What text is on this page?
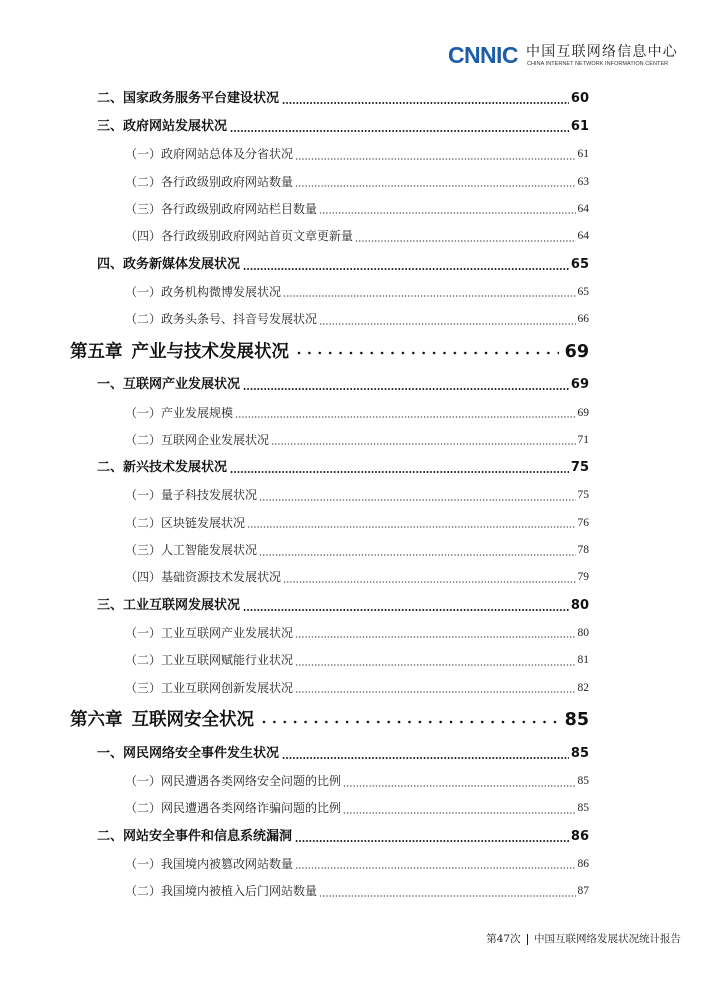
CNNIC 中国互联网络信息中心
CHINA INTERNET NETWORK INFORMATION CENTER
二、国家政务服务平台建设状况	60
三、政府网站发展状况	61
（一）政府网站总体及分省状况	61
（二）各行政级别政府网站数量	63
（三）各行政级别政府网站栏目数量	64
（四）各行政级别政府网站首页文章更新量	64
四、政务新媒体发展状况	65
（一）政务机构微博发展状况	65
（二）政务头条号、抖音号发展状况	66
第五章 产业与技术发展状况	69
一、互联网产业发展状况	69
（一）产业发展规模	69
（二）互联网企业发展状况	71
二、新兴技术发展状况	75
（一）量子科技发展状况	75
（二）区块链发展状况	76
（三）人工智能发展状况	78
（四）基础资源技术发展状况	79
三、工业互联网发展状况	80
（一）工业互联网产业发展状况	80
（二）工业互联网赋能行业状况	81
（三）工业互联网创新发展状况	82
第六章 互联网安全状况	85
一、网民网络安全事件发生状况	85
（一）网民遭遇各类网络安全问题的比例	85
（二）网民遭遇各类网络诈骗问题的比例	85
二、网站安全事件和信息系统漏洞	86
（一）我国境内被篡改网站数量	86
（二）我国境内被植入后门网站数量	87
第47次 中国互联网络发展状况统计报告
